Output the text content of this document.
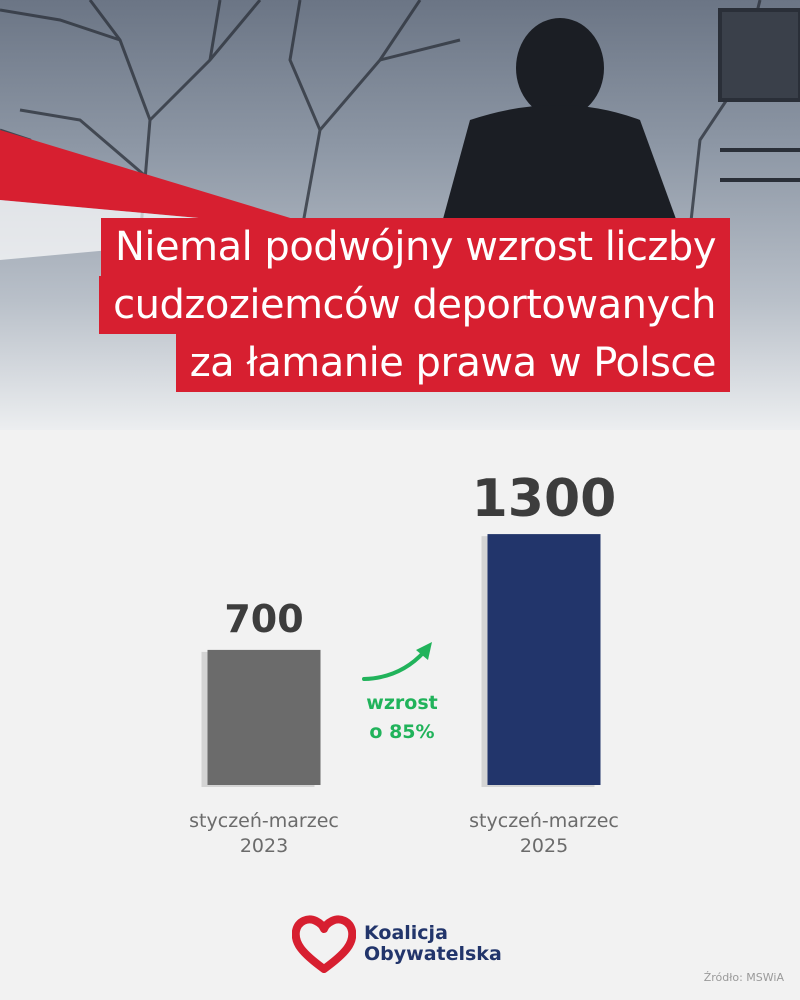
Niemal podwójny wzrost liczby
cudzoziemców deportowanych
za łamanie prawa w Polsce
700
styczeń-marzec
2023
1300
styczeń-marzec
2025
wzrost
o 85%
Koalicja
Obywatelska
Źródło: MSWiA
